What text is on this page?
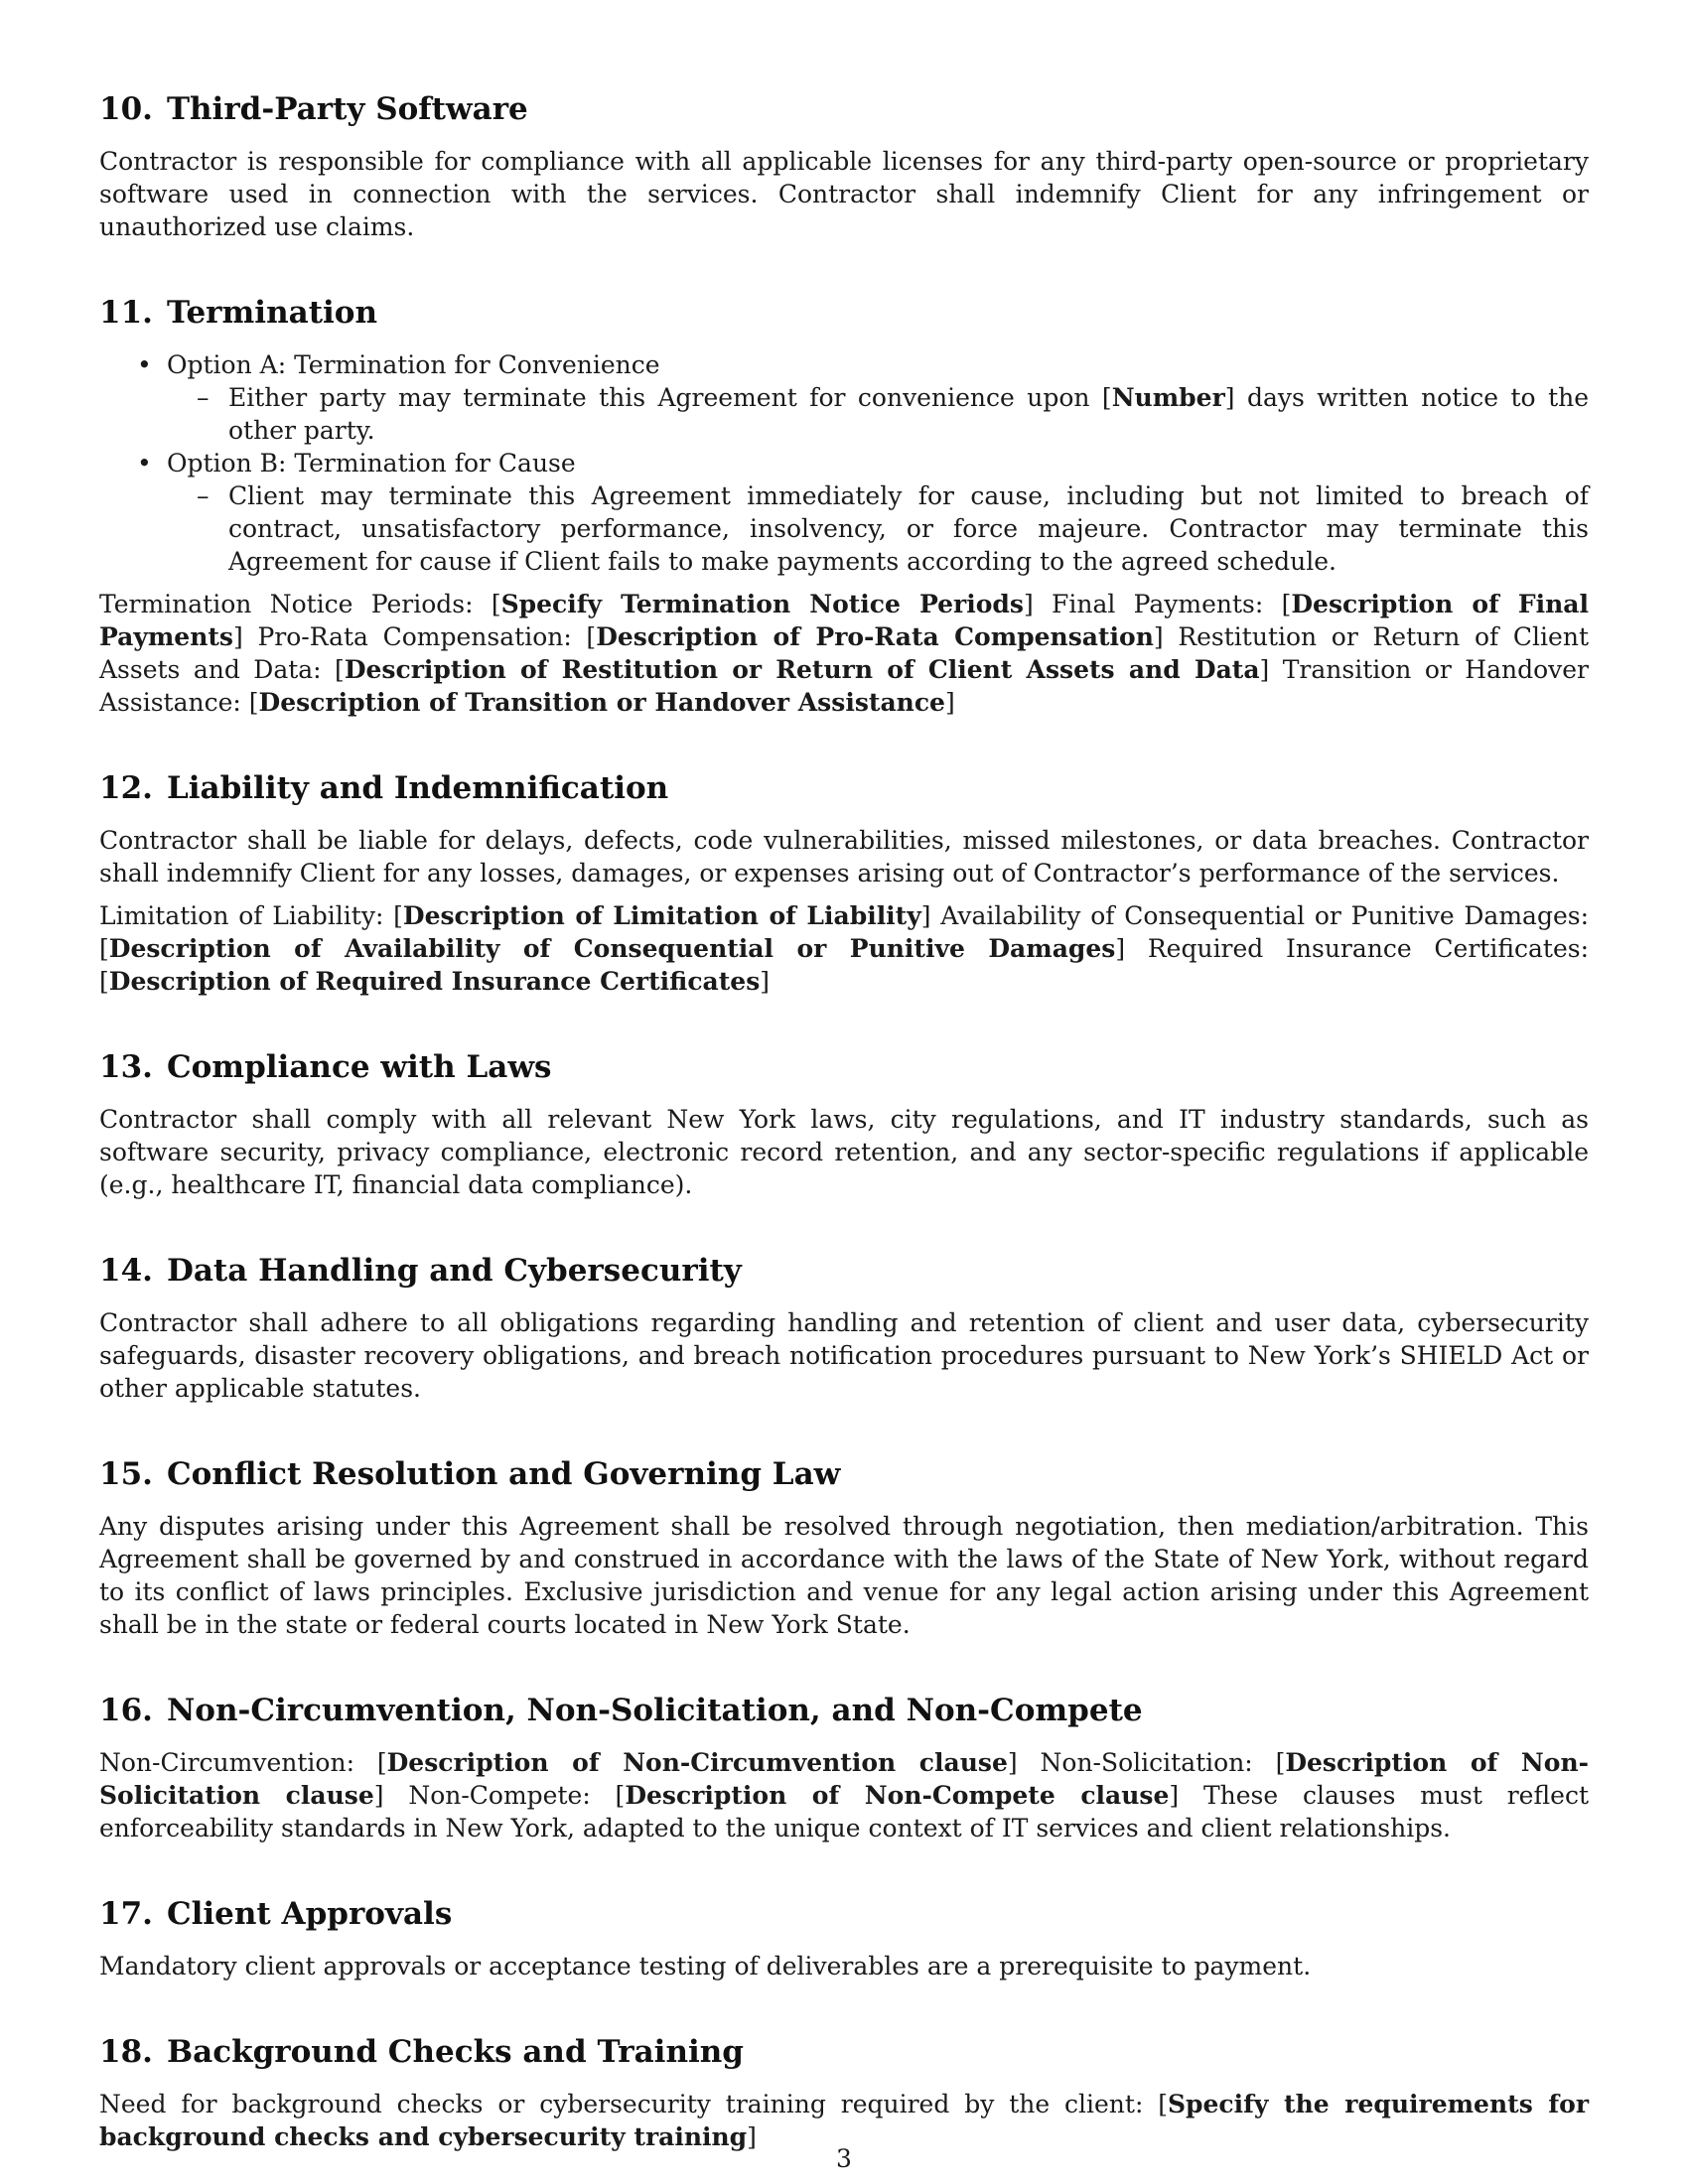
10. Third-Party Software

Contractor is responsible for compliance with all applicable licenses for any third-party open-source or proprietary software used in connection with the services. Contractor shall indemnify Client for any infringement or unauthorized use claims.

11. Termination
• Option A: Termination for Convenience
– Either party may terminate this Agreement for convenience upon [Number] days written notice to the other party.
• Option B: Termination for Cause
– Client may terminate this Agreement immediately for cause, including but not limited to breach of contract, unsatisfactory performance, insolvency, or force majeure. Contractor may terminate this Agreement for cause if Client fails to make payments according to the agreed schedule.

Termination Notice Periods: [Specify Termination Notice Periods] Final Payments: [Description of Final Payments] Pro-Rata Compensation: [Description of Pro-Rata Compensation] Restitution or Return of Client Assets and Data: [Description of Restitution or Return of Client Assets and Data] Transition or Handover Assistance: [Description of Transition or Handover Assistance]

12. Liability and Indemnification

Contractor shall be liable for delays, defects, code vulnerabilities, missed milestones, or data breaches. Contractor shall indemnify Client for any losses, damages, or expenses arising out of Contractor’s performance of the services.

Limitation of Liability: [Description of Limitation of Liability] Availability of Consequential or Punitive Damages: [Description of Availability of Consequential or Punitive Damages] Required Insurance Certificates: [Description of Required Insurance Certificates]

13. Compliance with Laws

Contractor shall comply with all relevant New York laws, city regulations, and IT industry standards, such as software security, privacy compliance, electronic record retention, and any sector-specific regulations if applicable (e.g., healthcare IT, financial data compliance).

14. Data Handling and Cybersecurity

Contractor shall adhere to all obligations regarding handling and retention of client and user data, cybersecurity safeguards, disaster recovery obligations, and breach notification procedures pursuant to New York’s SHIELD Act or other applicable statutes.

15. Conflict Resolution and Governing Law

Any disputes arising under this Agreement shall be resolved through negotiation, then mediation/arbitration. This Agreement shall be governed by and construed in accordance with the laws of the State of New York, without regard to its conflict of laws principles. Exclusive jurisdiction and venue for any legal action arising under this Agreement shall be in the state or federal courts located in New York State.

16. Non-Circumvention, Non-Solicitation, and Non-Compete

Non-Circumvention: [Description of Non-Circumvention clause] Non-Solicitation: [Description of Non-Solicitation clause] Non-Compete: [Description of Non-Compete clause] These clauses must reflect enforceability standards in New York, adapted to the unique context of IT services and client relationships.

17. Client Approvals

Mandatory client approvals or acceptance testing of deliverables are a prerequisite to payment.

18. Background Checks and Training

Need for background checks or cybersecurity training required by the client: [Specify the requirements for background checks and cybersecurity training]

3
